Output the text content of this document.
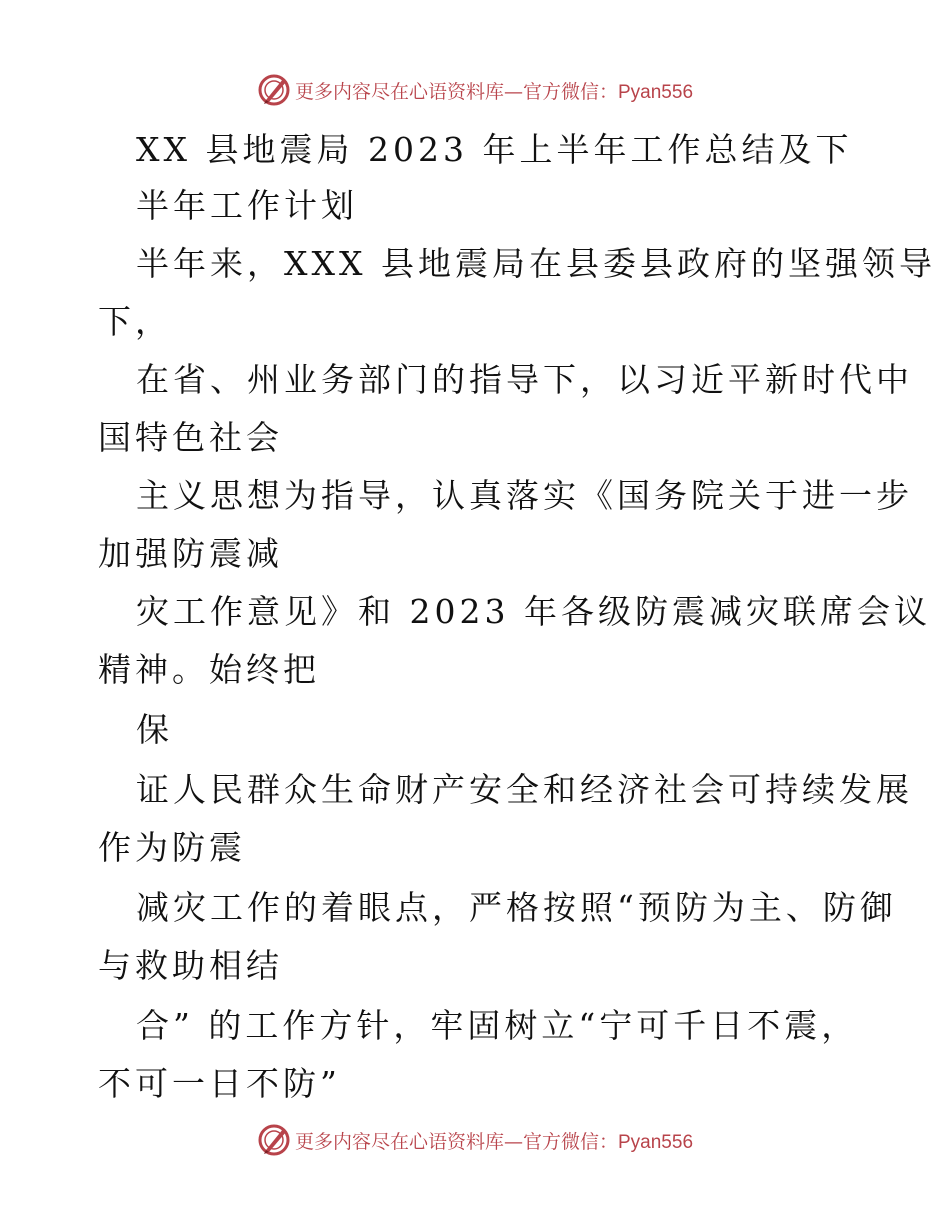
更多内容尽在心语资料库—官方微信：Pyan556
XX 县地震局 2023 年上半年工作总结及下
半年工作计划
半年来，XXX 县地震局在县委县政府的坚强领导
下，
在省、州业务部门的指导下，以习近平新时代中
国特色社会
主义思想为指导，认真落实《国务院关于进一步
加强防震减
灾工作意见》和 2023 年各级防震减灾联席会议
精神。始终把
保
证人民群众生命财产安全和经济社会可持续发展
作为防震
减灾工作的着眼点，严格按照“预防为主、防御
与救助相结
合” 的工作方针，牢固树立“宁可千日不震，
不可一日不防”
更多内容尽在心语资料库—官方微信：Pyan556
